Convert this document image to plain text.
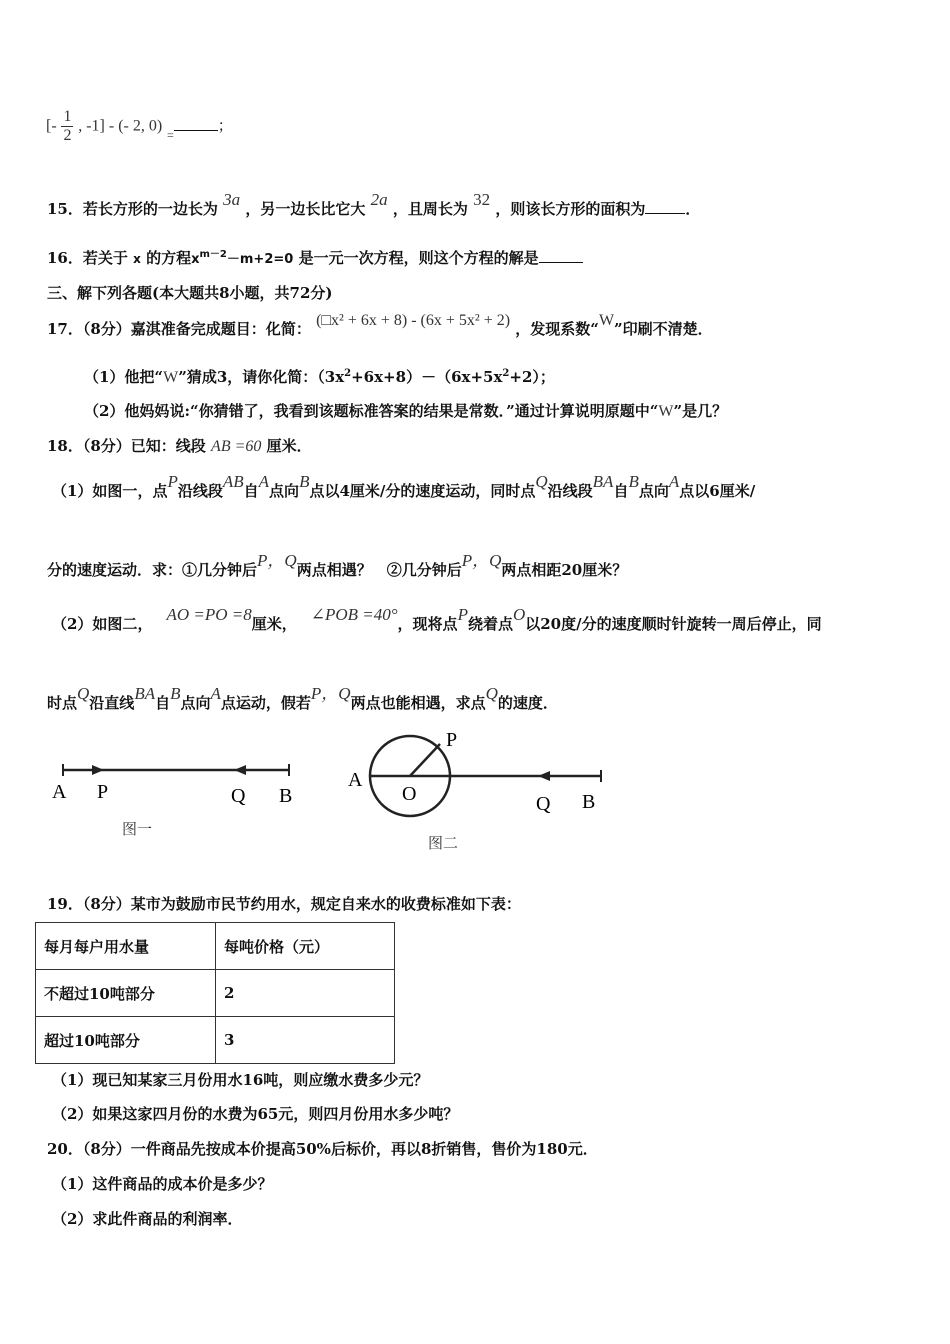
[- $\frac{1}{2}$ , -1] - (- 2, 0) $_=$	；
15．若长方形的一边长为 3a ，另一边长比它大 2a ，且周长为 32 ，则该长方形的面积为	．
16．若关于 x 的方程$x^{m-2}-m+2=0$ 是一元一次方程，则这个方程的解是
三、解下列各题(本大题共8小题，共72分)
17．（8分）嘉淇准备完成题目：化简： (□x² + 6x + 8) - (6x + 5x² + 2) ，发现系数“W”印刷不清楚．
（1）他把“W”猜成3，请你化简：$(3x^2+6x+8)-(6x+5x^2+2)$；
（2）他妈妈说:“你猜错了，我看到该题标准答案的结果是常数．”通过计算说明原题中“W”是几？
18．（8分）已知：线段 AB =60 厘米．
（1）如图一，点P沿线段AB自A点向B点以4厘米/分的速度运动，同时点Q沿线段BA自B点向A点以6厘米/
分的速度运动．求：①几分钟后P，Q两点相遇？　②几分钟后P，Q两点相距20厘米？
（2）如图二， AO =PO =8厘米， ∠POB =40°，现将点P绕着点O以20度/分的速度顺时针旋转一周后停止，同
时点Q沿直线BA自B点向A点运动，假若P，Q两点也能相遇，求点Q的速度．
A P	Q B
图一
A
O
P
Q B
图二
19．（8分）某市为鼓励市民节约用水，规定自来水的收费标准如下表：
每月每户用水量	每吨价格（元）
不超过10吨部分	2
超过10吨部分	3
（1）现已知某家三月份用水16吨，则应缴水费多少元？
（2）如果这家四月份的水费为65元，则四月份用水多少吨？
20．（8分）一件商品先按成本价提高50%后标价，再以8折销售，售价为180元．
（1）这件商品的成本价是多少？
（2）求此件商品的利润率．
